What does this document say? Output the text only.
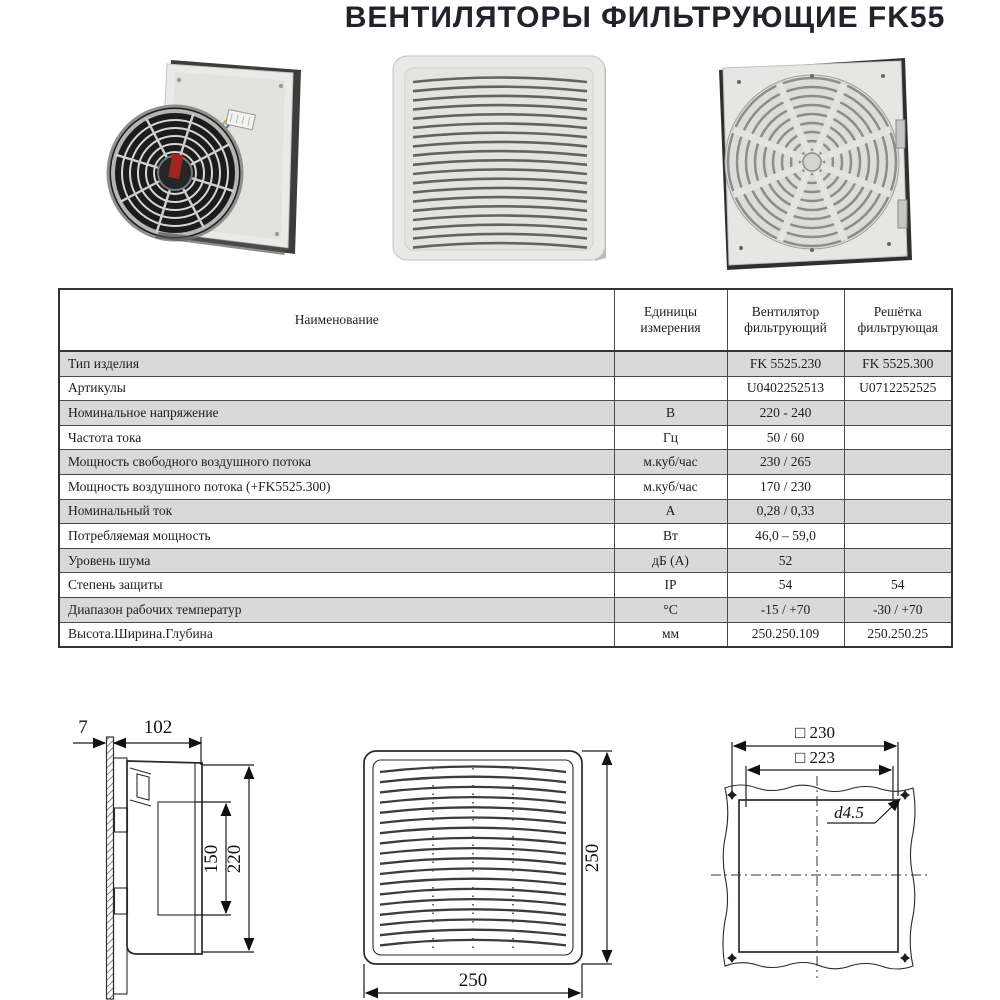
ВЕНТИЛЯТОРЫ ФИЛЬТРУЮЩИЕ FK55
Наименование	Единицы измерения	Вентилятор фильтрующий	Решётка фильтрующая
Тип изделия		FK 5525.230	FK 5525.300
Артикулы		U0402252513	U0712252525
Номинальное напряжение	В	220 - 240	
Частота тока	Гц	50 / 60	
Мощность свободного воздушного потока	м.куб/час	230 / 265	
Мощность воздушного потока (+FK5525.300)	м.куб/час	170 / 230	
Номинальный ток	А	0,28 / 0,33	
Потребляемая мощность	Вт	46,0 – 59,0	
Уровень шума	дБ (А)	52	
Степень защиты	IP	54	54
Диапазон рабочих температур	°С	-15 / +70	-30 / +70
Высота.Ширина.Глубина	мм	250.250.109	250.250.25
7	102
150 220	250
250
□ 230
□ 223
d4.5
